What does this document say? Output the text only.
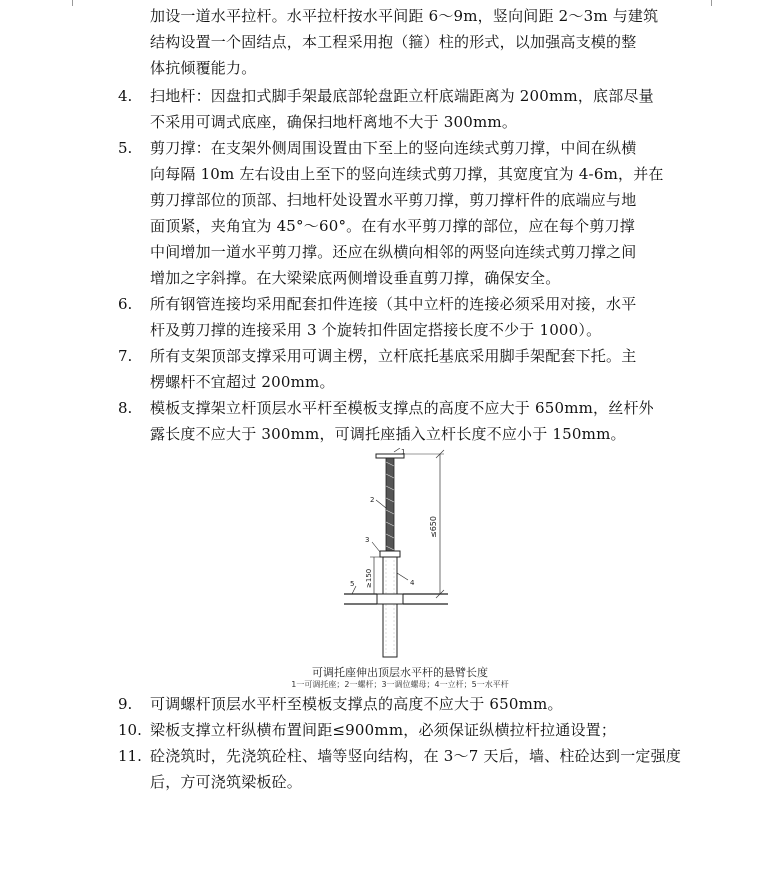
加设一道水平拉杆。水平拉杆按水平间距 6～9m，竖向间距 2～3m 与建筑
结构设置一个固结点，本工程采用抱（箍）柱的形式，以加强高支模的整
体抗倾覆能力。
4.	扫地杆：因盘扣式脚手架最底部轮盘距立杆底端距离为 200mm，底部尽量
不采用可调式底座，确保扫地杆离地不大于 300mm。
5.	剪刀撑：在支架外侧周围设置由下至上的竖向连续式剪刀撑，中间在纵横
向每隔 10m 左右设由上至下的竖向连续式剪刀撑，其宽度宜为 4-6m，并在
剪刀撑部位的顶部、扫地杆处设置水平剪刀撑，剪刀撑杆件的底端应与地
面顶紧，夹角宜为 45°～60°。在有水平剪刀撑的部位，应在每个剪刀撑
中间增加一道水平剪刀撑。还应在纵横向相邻的两竖向连续式剪刀撑之间
增加之字斜撑。在大梁梁底两侧增设垂直剪刀撑，确保安全。
6.	所有钢管连接均采用配套扣件连接（其中立杆的连接必须采用对接，水平
杆及剪刀撑的连接采用 3 个旋转扣件固定搭接长度不少于 1000）。
7.	所有支架顶部支撑采用可调主楞，立杆底托基底采用脚手架配套下托。主
楞螺杆不宜超过 200mm。
8.	模板支撑架立杆顶层水平杆至模板支撑点的高度不应大于 650mm，丝杆外
露长度不应大于 300mm，可调托座插入立杆长度不应小于 150mm。
≤650
≥150
1
2
3
4
5
可调托座伸出顶层水平杆的悬臂长度
1一可调托座；2一螺杆；3一调位螺母；4一立杆；5一水平杆
9.	可调螺杆顶层水平杆至模板支撑点的高度不应大于 650mm。
10. 梁板支撑立杆纵横布置间距≤900mm，必须保证纵横拉杆拉通设置；
11. 砼浇筑时，先浇筑砼柱、墙等竖向结构，在 3～7 天后，墙、柱砼达到一定强度
后，方可浇筑梁板砼。
